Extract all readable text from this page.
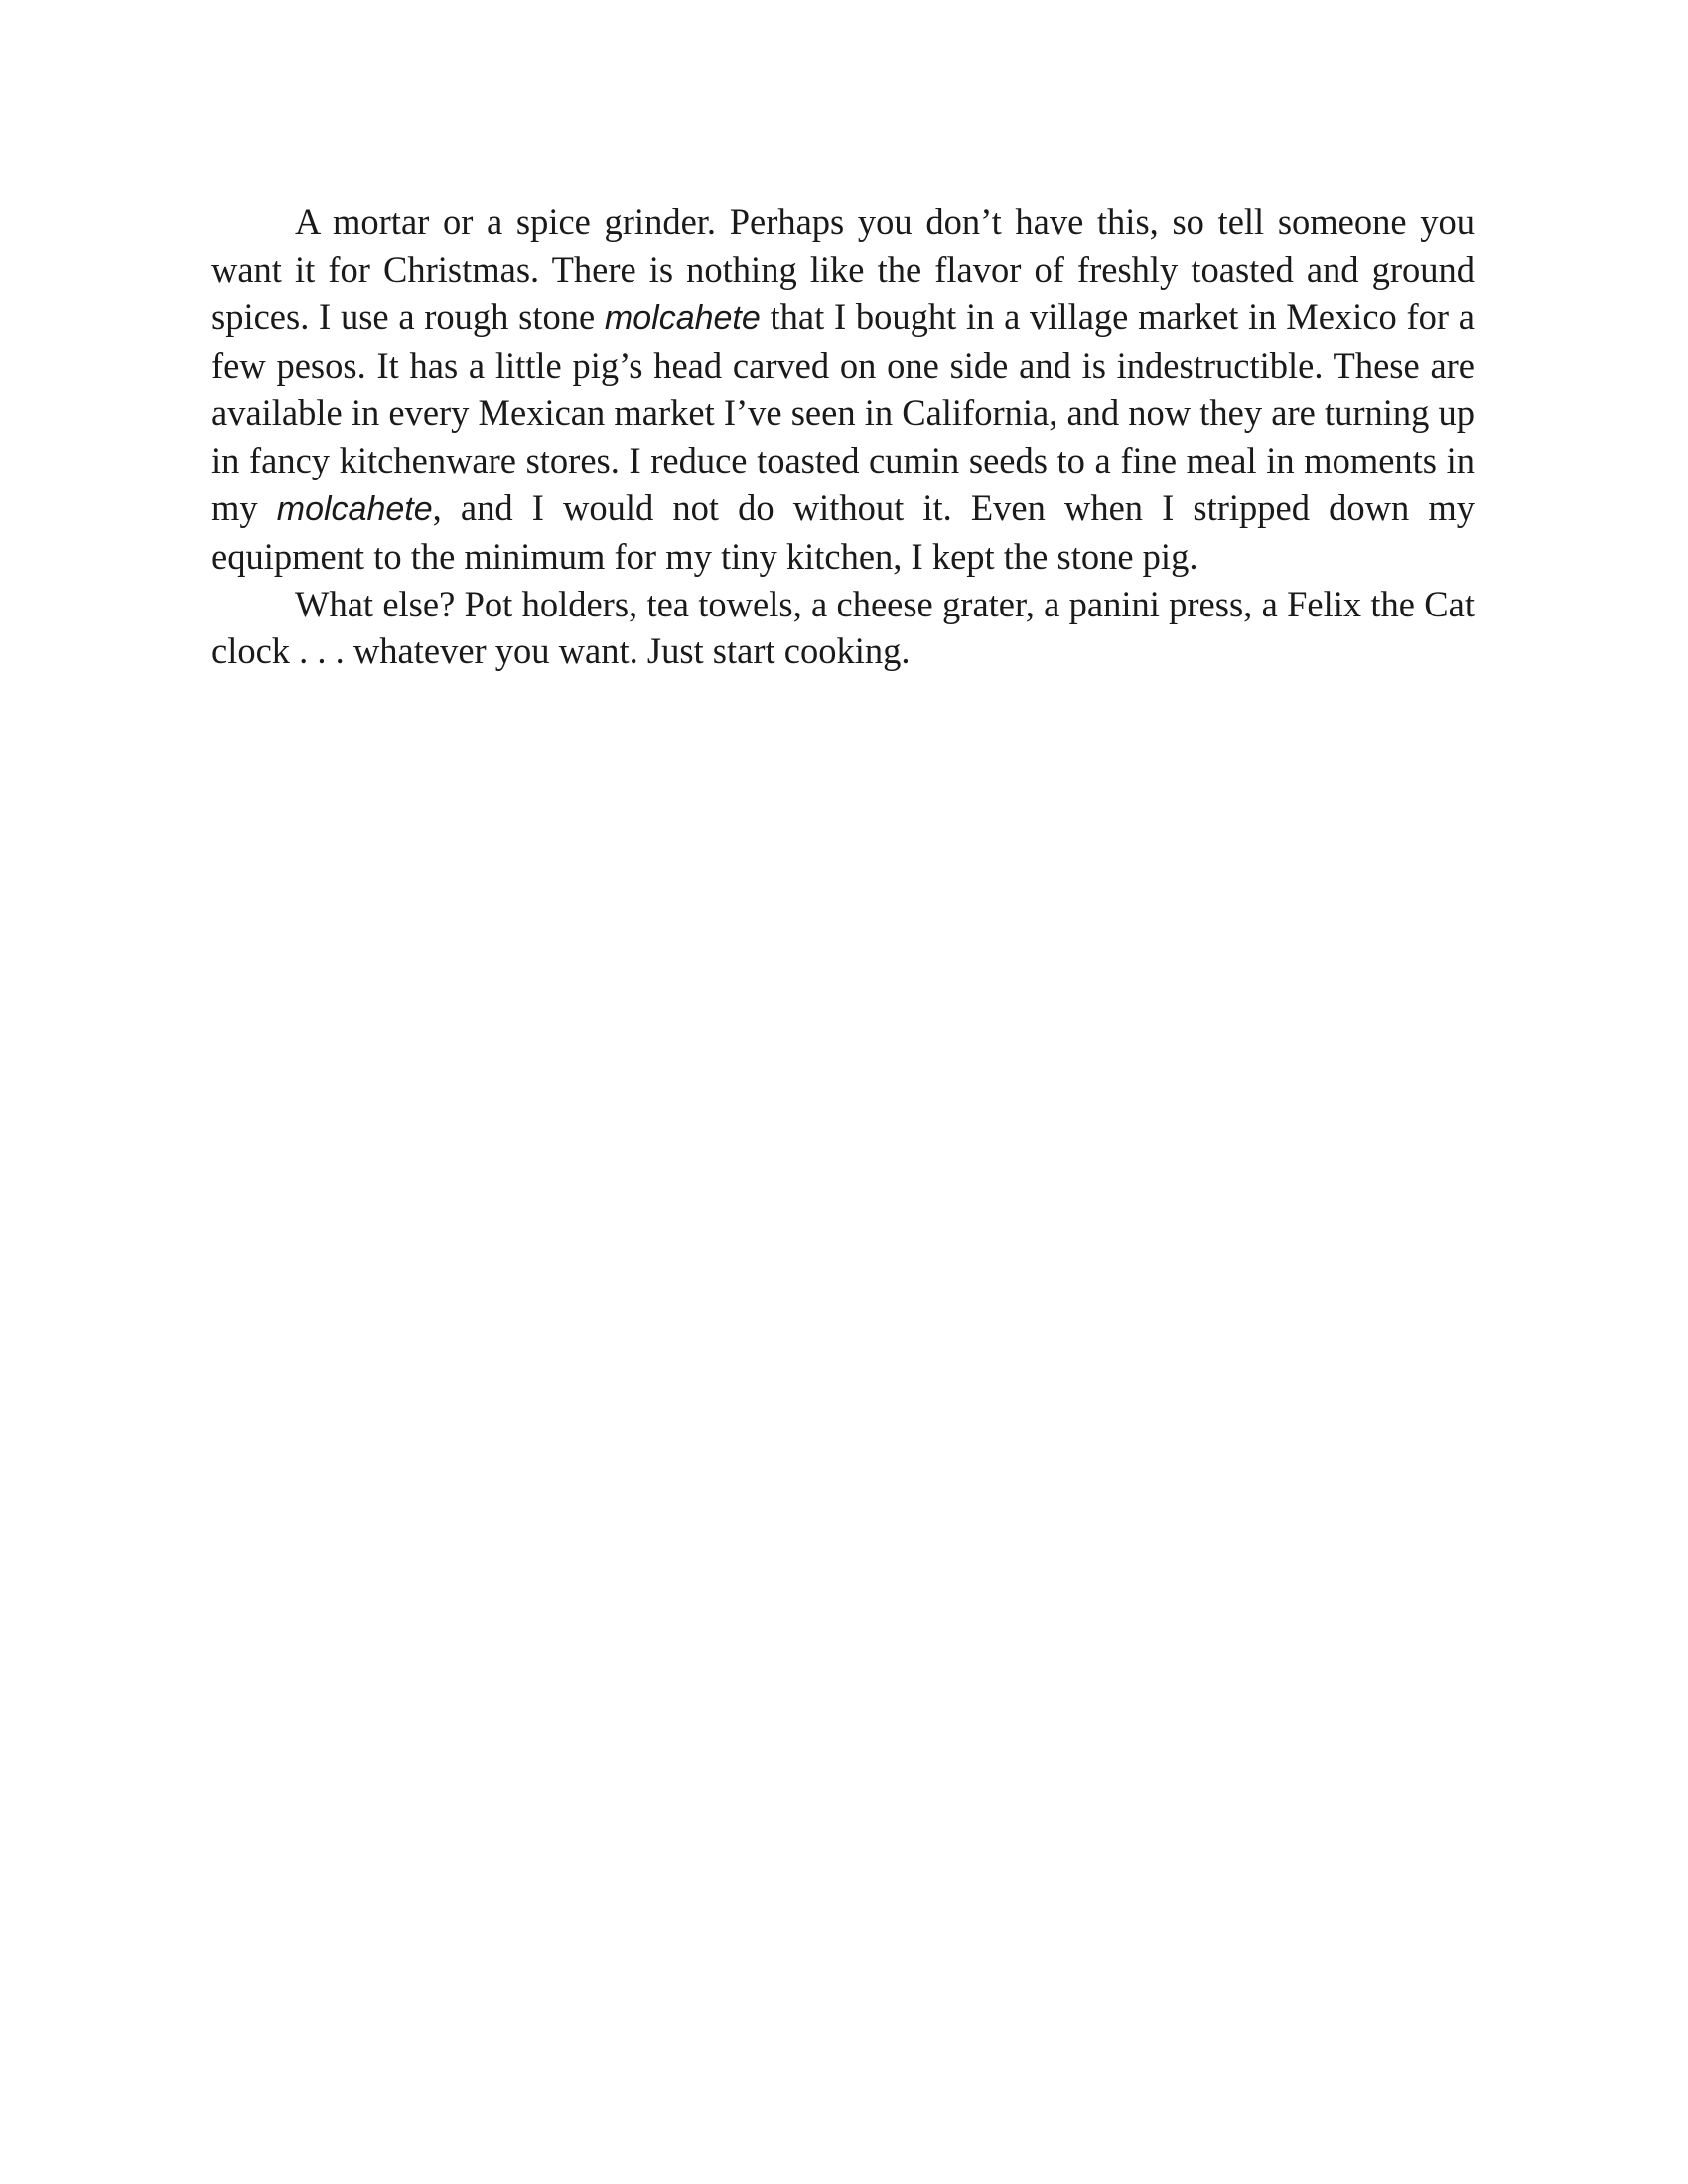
A mortar or a spice grinder. Perhaps you don’t have this, so tell someone you want it for Christmas. There is nothing like the flavor of freshly toasted and ground spices. I use a rough stone molcahete that I bought in a village market in Mexico for a few pesos. It has a little pig’s head carved on one side and is indestructible. These are available in every Mexican market I’ve seen in California, and now they are turning up in fancy kitchenware stores. I reduce toasted cumin seeds to a fine meal in moments in my molcahete, and I would not do without it. Even when I stripped down my equipment to the minimum for my tiny kitchen, I kept the stone pig.

What else? Pot holders, tea towels, a cheese grater, a panini press, a Felix the Cat clock . . . whatever you want. Just start cooking.
